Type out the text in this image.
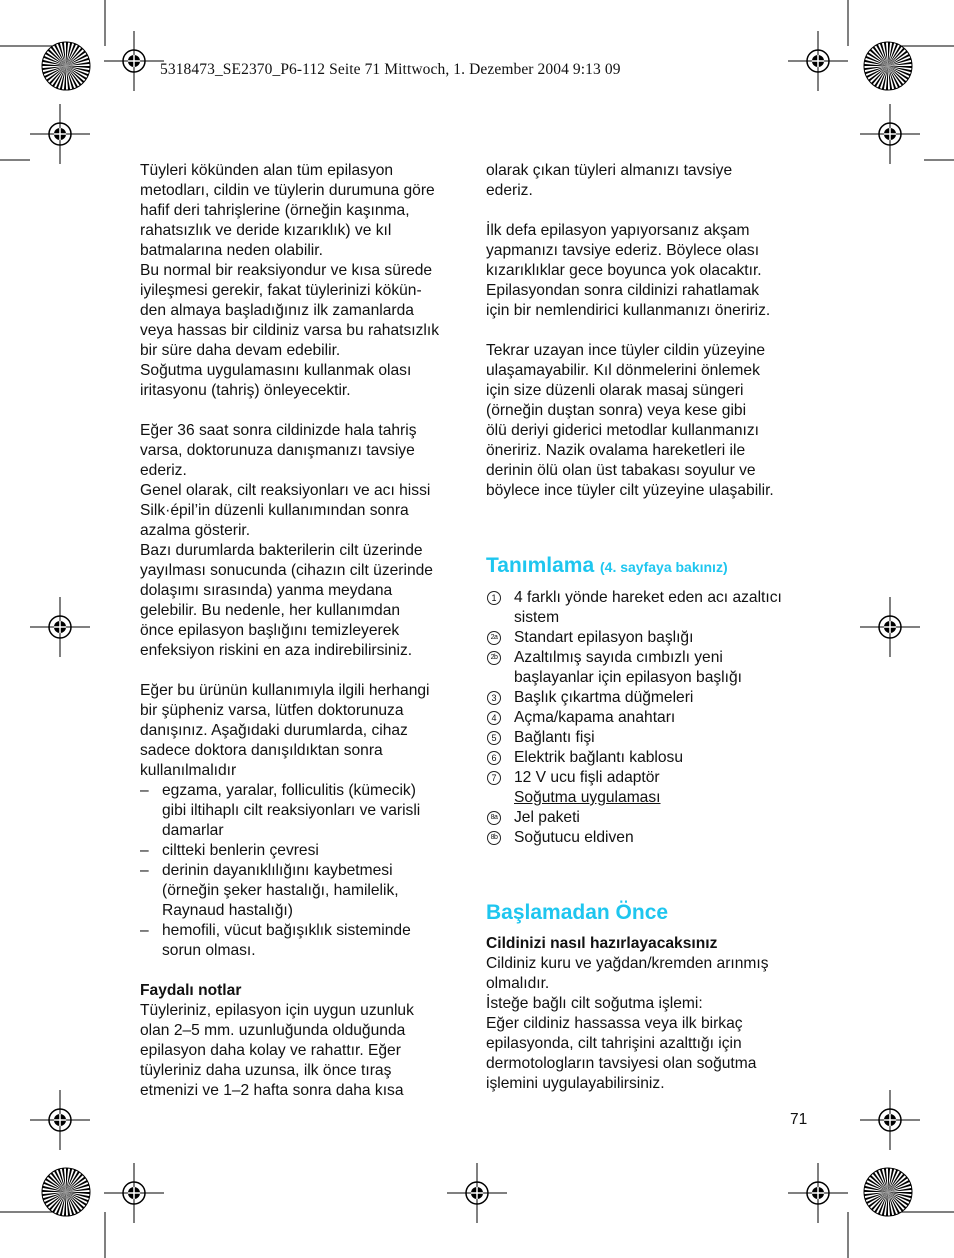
5318473_SE2370_P6-112 Seite 71 Mittwoch, 1. Dezember 2004 9:13 09
Tüyleri kökünden alan tüm epilasyon
metodları, cildin ve tüylerin durumuna göre
hafif deri tahrişlerine (örneğin kaşınma,
rahatsızlık ve deride kızarıklık) ve kıl
batmalarına neden olabilir.
Bu normal bir reaksiyondur ve kısa sürede
iyileşmesi gerekir, fakat tüylerinizi kökün-
den almaya başladığınız ilk zamanlarda
veya hassas bir cildiniz varsa bu rahatsızlık
bir süre daha devam edebilir.
Soğutma uygulamasını kullanmak olası
iritasyonu (tahriş) önleyecektir.
Eğer 36 saat sonra cildinizde hala tahriş
varsa, doktorunuza danışmanızı tavsiye
ederiz.
Genel olarak, cilt reaksiyonları ve acı hissi
Silk·épil’in düzenli kullanımından sonra
azalma gösterir.
Bazı durumlarda bakterilerin cilt üzerinde
yayılması sonucunda (cihazın cilt üzerinde
dolaşımı sırasında) yanma meydana
gelebilir. Bu nedenle, her kullanımdan
önce epilasyon başlığını temizleyerek
enfeksiyon riskini en aza indirebilirsiniz.
Eğer bu ürünün kullanımıyla ilgili herhangi
bir şüpheniz varsa, lütfen doktorunuza
danışınız. Aşağıdaki durumlarda, cihaz
sadece doktora danışıldıktan sonra
kullanılmalıdır
– egzama, yaralar, folliculitis (kümecik)
gibi iltihaplı cilt reaksiyonları ve varisli
damarlar
– ciltteki benlerin çevresi
– derinin dayanıklılığını kaybetmesi
(örneğin şeker hastalığı, hamilelik,
Raynaud hastalığı)
– hemofili, vücut bağışıklık sisteminde
sorun olması.

Faydalı notlar

Tüyleriniz, epilasyon için uygun uzunluk
olan 2–5 mm. uzunluğunda olduğunda
epilasyon daha kolay ve rahattır. Eğer
tüyleriniz daha uzunsa, ilk önce tıraş
etmenizi ve 1–2 hafta sonra daha kısa
olarak çıkan tüyleri almanızı tavsiye
ederiz.
İlk defa epilasyon yapıyorsanız akşam
yapmanızı tavsiye ederiz. Böylece olası
kızarıklıklar gece boyunca yok olacaktır.
Epilasyondan sonra cildinizi rahatlamak
için bir nemlendirici kullanmanızı öneririz.
Tekrar uzayan ince tüyler cildin yüzeyine
ulaşamayabilir. Kıl dönmelerini önlemek
için size düzenli olarak masaj süngeri
(örneğin duştan sonra) veya kese gibi
ölü deriyi giderici metodlar kullanmanızı
öneririz. Nazik ovalama hareketleri ile
derinin ölü olan üst tabakası soyulur ve
böylece ince tüyler cilt yüzeyine ulaşabilir.

Tanımlama (4. sayfaya bakınız)

1 4 farklı yönde hareket eden acı azaltıcı
sistem
2a Standart epilasyon başlığı
2b Azaltılmış sayıda cımbızlı yeni
başlayanlar için epilasyon başlığı
3 Başlık çıkartma düğmeleri
4 Açma/kapama anahtarı
5 Bağlantı fişi
6 Elektrik bağlantı kablosu
7 12 V ucu fişli adaptör

Soğutma uygulaması

8a Jel paketi
8b Soğutucu eldiven

Başlamadan Önce

Cildinizi nasıl hazırlayacaksınız

Cildiniz kuru ve yağdan/kremden arınmış
olmalıdır.
İsteğe bağlı cilt soğutma işlemi:
Eğer cildiniz hassassa veya ilk birkaç
epilasyonda, cilt tahrişini azalttığı için
dermotologların tavsiyesi olan soğutma
işlemini uygulayabilirsiniz.
71
